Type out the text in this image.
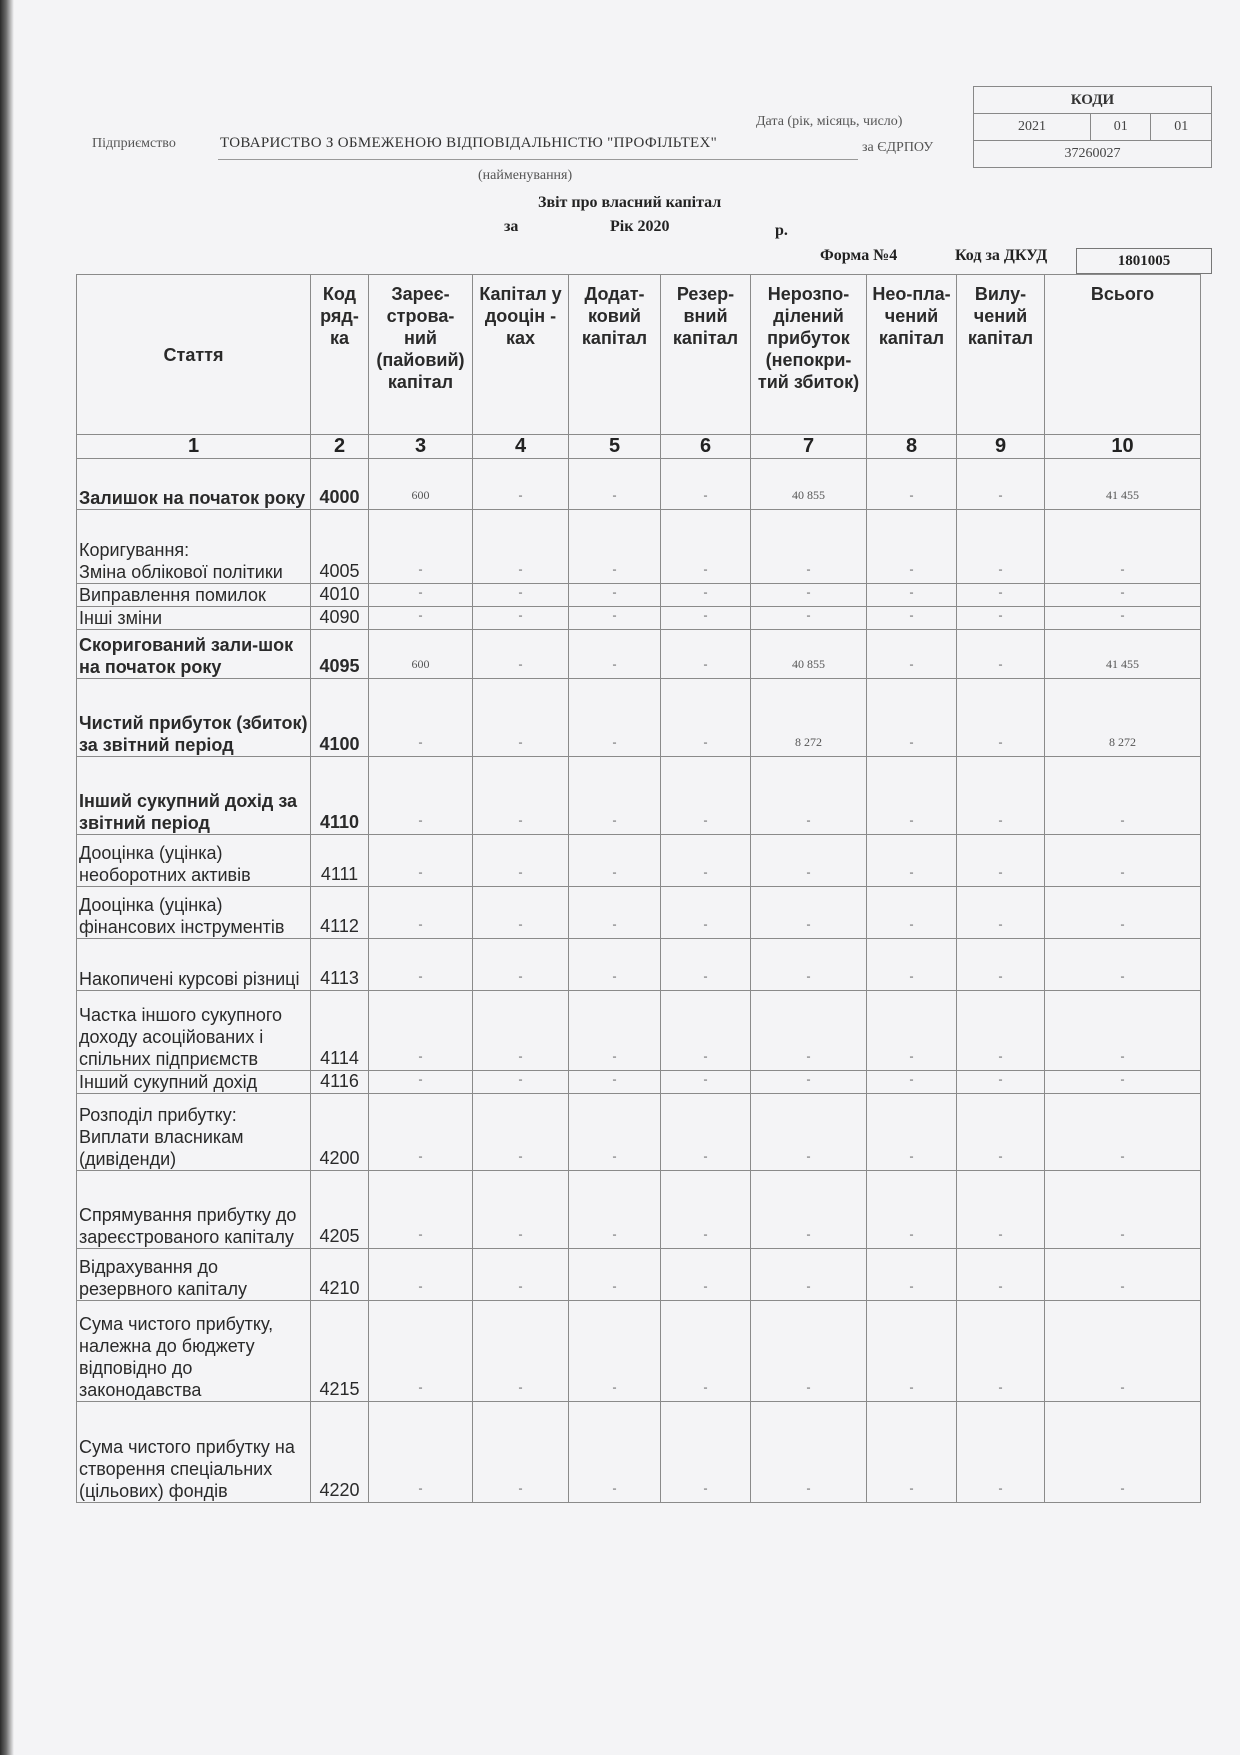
КОДИ
2021	01	01
37260027
Дата (рік, місяць, число)
Підприємство	ТОВАРИСТВО З ОБМЕЖЕНОЮ ВІДПОВІДАЛЬНІСТЮ "ПРОФІЛЬТЕХ"	за ЄДРПОУ
(найменування)
Звіт про власний капітал
за	Рік 2020	р.
Форма №4	Код за ДКУД	1801005
Стаття	Код ряд-ка	Зареє-строва-ний (пайовий) капітал	Капітал у дооцін - ках	Додат-ковий капітал	Резер-вний капітал	Нерозпо-ділений прибуток (непокри-тий збиток)	Нео-пла-чений капітал	Вилу-чений капітал	Всього
1	2	3	4	5	6	7	8	9	10
Залишок на початок року	4000	600	-	-	-	40 855	-	-	41 455
Коригування:
Зміна облікової політики	4005	-	-	-	-	-	-	-	-
Виправлення помилок	4010	-	-	-	-	-	-	-	-
Інші зміни	4090	-	-	-	-	-	-	-	-
Скоригований зали-шок на початок року	4095	600	-	-	-	40 855	-	-	41 455
Чистий прибуток (збиток) за звітний період	4100	-	-	-	-	8 272	-	-	8 272
Інший сукупний дохід за звітний період	4110	-	-	-	-	-	-	-	-
Дооцінка (уцінка) необоротних активів	4111	-	-	-	-	-	-	-	-
Дооцінка (уцінка) фінансових інструментів	4112	-	-	-	-	-	-	-	-
Накопичені курсові різниці	4113	-	-	-	-	-	-	-	-
Частка іншого сукупного доходу асоційованих і спільних підприємств	4114	-	-	-	-	-	-	-	-
Інший сукупний дохід	4116	-	-	-	-	-	-	-	-
Розподіл прибутку:
Виплати власникам (дивіденди)	4200	-	-	-	-	-	-	-	-
Спрямування прибутку до зареєстрованого капіталу	4205	-	-	-	-	-	-	-	-
Відрахування до резервного капіталу	4210	-	-	-	-	-	-	-	-
Сума чистого прибутку, належна до бюджету відповідно до законодавства	4215	-	-	-	-	-	-	-	-
Сума чистого прибутку на створення спеціальних (цільових) фондів	4220	-	-	-	-	-	-	-	-
